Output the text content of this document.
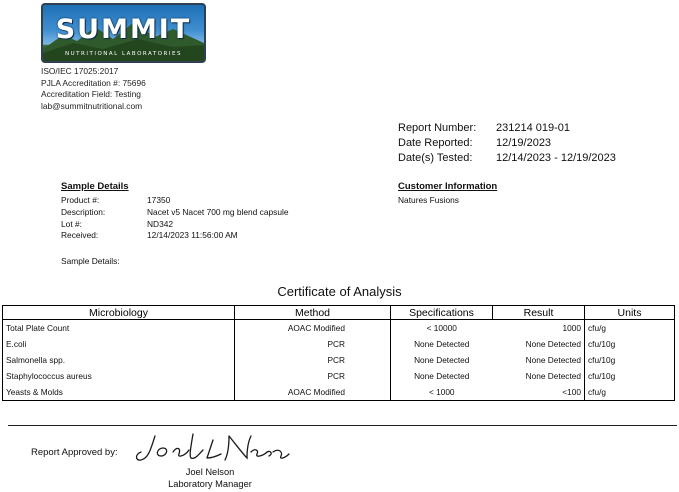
SUMMIT
NUTRITIONAL LABORATORIES
ISO/IEC 17025:2017
PJLA Accreditation #: 75696
Accreditation Field: Testing
lab@summitnutritional.com
Report Number:	231214 019-01
Date Reported:	12/19/2023
Date(s) Tested:	12/14/2023 - 12/19/2023
Sample Details
Product #:	17350
Description:	Nacet v5 Nacet 700 mg blend capsule
Lot #:	ND342
Received:	12/14/2023 11:56:00 AM
Sample Details:
Customer Information
Natures Fusions
Certificate of Analysis
Microbiology	Method	Specifications	Result	Units
Total Plate Count	AOAC Modified	< 10000	1000	cfu/g
E.coli	PCR	None Detected	None Detected	cfu/10g
Salmonella spp.	PCR	None Detected	None Detected	cfu/10g
Staphylococcus aureus	PCR	None Detected	None Detected	cfu/10g
Yeasts & Molds	AOAC Modified	< 1000	<100	cfu/g
Report Approved by:
Joel Nelson
Laboratory Manager
